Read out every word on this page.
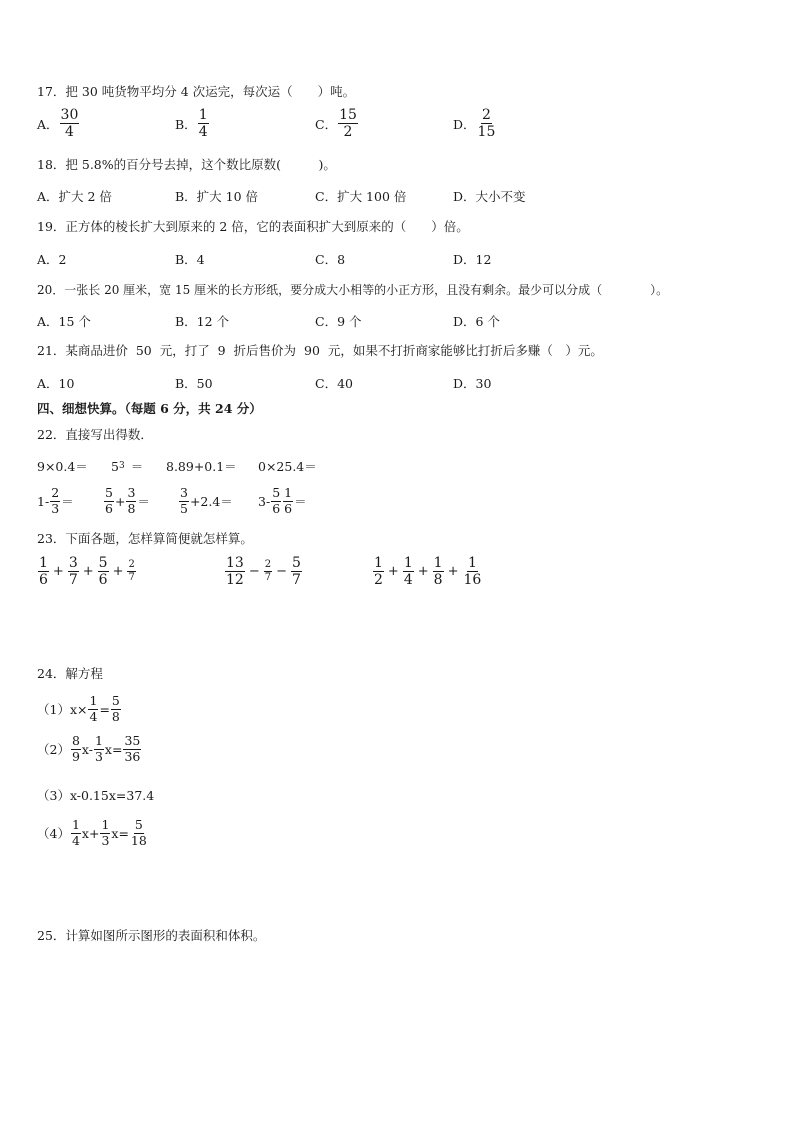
17．把 30 吨货物平均分 4 次运完，每次运（　　）吨。
A． $\frac{30}{4}$	B． $\frac{1}{4}$	C． $\frac{15}{2}$	D． $\frac{2}{15}$
18．把 5.8%的百分号去掉，这个数比原数(　　　)。
A．扩大 2 倍	B．扩大 10 倍	C．扩大 100 倍	D．大小不变
19．正方体的棱长扩大到原来的 2 倍，它的表面积扩大到原来的（　　）倍。
A．2	B．4	C．8	D．12
20．一张长 20 厘米，宽 15 厘米的长方形纸，要分成大小相等的小正方形，且没有剩余。最少可以分成（　　　　）。
A．15 个	B．12 个	C．9 个	D．6 个
21．某商品进价  50  元，打了  9  折后售价为  90  元，如果不打折商家能够比打折后多赚（　）元。
A．10	B．50	C．40	D．30
四、细想快算。（每题 6 分，共 24 分）
22．直接写出得数．
9×0.4＝ 5 3 ＝ 8.89+0.1＝ 0×25.4＝
$1- \frac{2}{3} = \frac{5}{6} + \frac{3}{8} = \frac{3}{5} +2.4= 3- \frac{5}{6} \frac{1}{6}$ ＝
23．下面各题，怎样算简便就怎样算。
$\frac{1}{6} + \frac{3}{7} + \frac{5}{6} + \frac{2}{7}$	$\frac{13}{12} - \frac{2}{7} - \frac{5}{7}$	$\frac{1}{2} + \frac{1}{4} + \frac{1}{8} + \frac{1}{16}$
24．解方程
（1） $x\times \frac{1}{4} = \frac{5}{8}$
$(2) \frac{8}{9} x- \frac{1}{3} x= \frac{35}{36}$
（3） x-0.15x=37.4
$(4) \frac{1}{4} x+ \frac{1}{3} x= \frac{5}{18}$
25．计算如图所示图形的表面积和体积。
